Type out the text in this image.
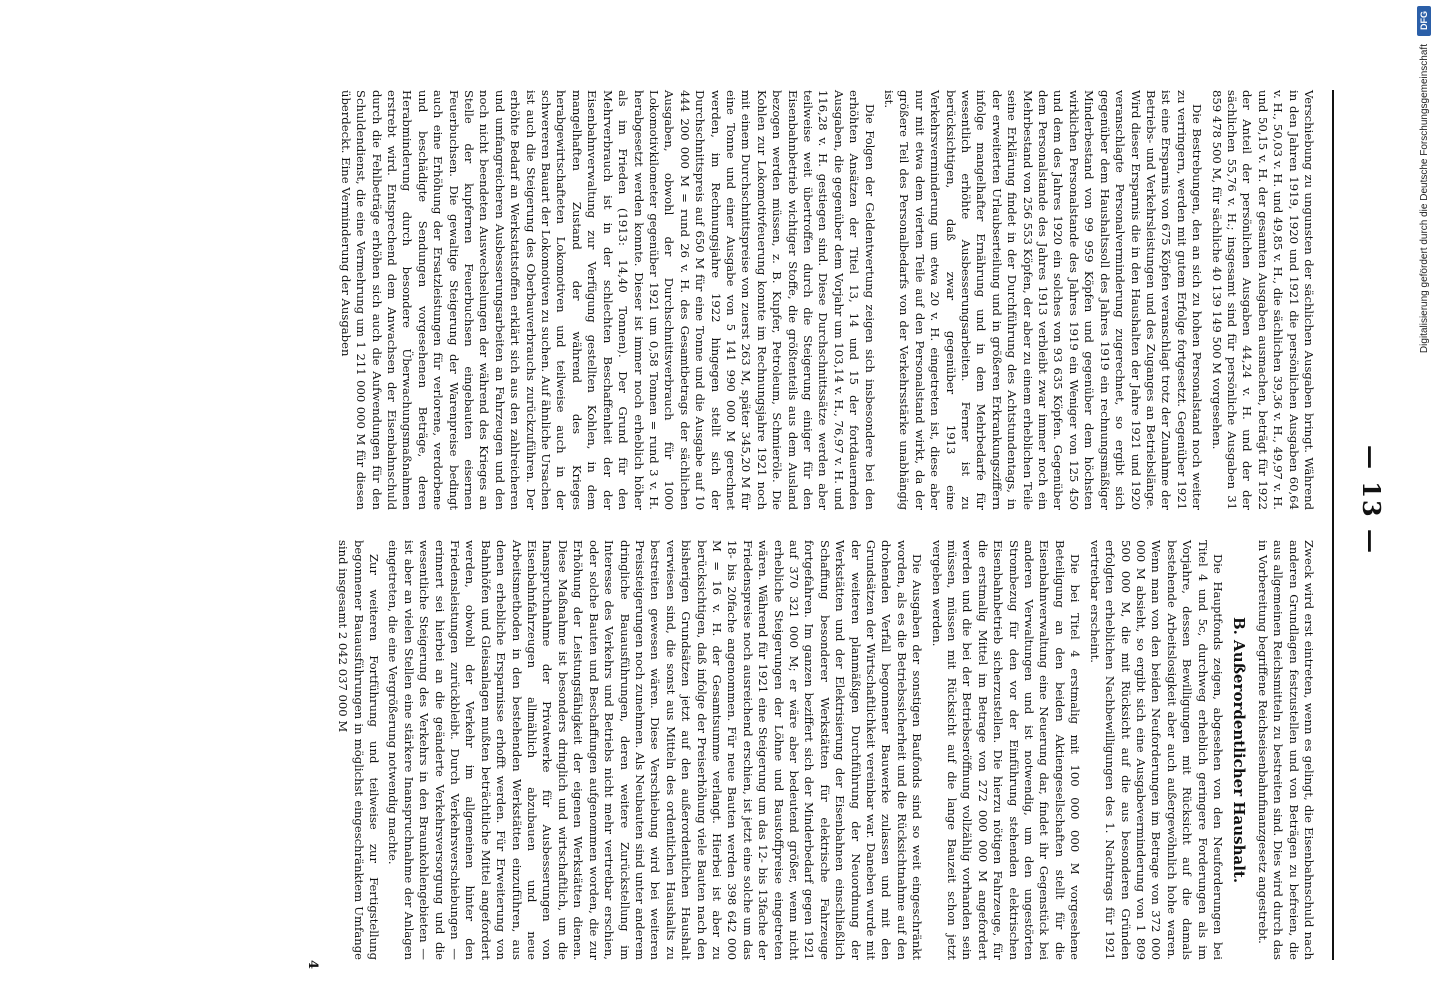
— 13 —

Verschiebung zu ungunsten der sächlichen Ausgaben bringt. Während in den Jahren 1919, 1920 und 1921 die persönlichen Ausgaben 60,64 v. H., 50,03 v. H. und 49,85 v. H., die sächlichen 39,36 v. H., 49,97 v. H. und 50,15 v. H. der gesamten Ausgaben ausmachen, beträgt für 1922 der Anteil der persönlichen Ausgaben 44,24 v. H. und der der sächlichen 55,76 v. H.; insgesamt sind für persönliche Ausgaben 31 859 478 500 M, für sächliche 40 139 149 500 M vorgesehen.

Die Bestrebungen, den an sich zu hohen Personalstand noch weiter zu verringern, werden mit gutem Erfolge fortgesetzt. Gegenüber 1921 ist eine Ersparnis von 675 Köpfen veranschlagt trotz der Zunahme der Betriebs- und Verkehrsleistungen und des Zuganges an Betriebslänge. Wird dieser Ersparnis die in den Haushalten der Jahre 1921 und 1920 veranschlagte Personalverminderung zugerechnet, so ergibt sich gegenüber dem Haushaltssoll des Jahres 1919 ein rechnungsmäßiger Minderbestand von 99 959 Köpfen und gegenüber dem höchsten wirklichen Personalstande des Jahres 1919 ein Weniger von 125 450 und dem des Jahres 1920 ein solches von 93 635 Köpfen. Gegenüber dem Personalstande des Jahres 1913 verbleibt zwar immer noch ein Mehrbestand von 256 553 Köpfen, der aber zu einem erheblichen Teile seine Erklärung findet in der Durchführung des Achtstundentags, in der erweiterten Urlaubserteilung und in größeren Erkrankungsziffern infolge mangelhafter Ernährung und in dem Mehrbedarfe für wesentlich erhöhte Ausbesserungsarbeiten. Ferner ist zu berücksichtigen, daß zwar gegenüber 1913 eine Verkehrsverminderung um etwa 20 v. H. eingetreten ist, diese aber nur mit etwa dem vierten Teile auf den Personalstand wirkt, da der größere Teil des Personalbedarfs von der Verkehrsstärke unabhängig ist.

Die Folgen der Geldentwertung zeigen sich insbesondere bei den erhöhten Ansätzen der Titel 13, 14 und 15 der fortdauernden Ausgaben, die gegenüber dem Vorjahr um 103,14 v. H., 76,97 v. H. und 116,28 v. H. gestiegen sind. Diese Durchschnittssätze werden aber teilweise weit übertroffen durch die Steigerung einiger für den Eisenbahnbetrieb wichtiger Stoffe, die größtenteils aus dem Ausland bezogen werden müssen, z. B. Kupfer, Petroleum, Schmieröle. Die Kohlen zur Lokomotivfeuerung konnte im Rechnungsjahre 1921 noch mit einem Durchschnittspreise von zuerst 263 M, später 345,20 M für eine Tonne und einer Ausgabe von 5 141 990 000 M gerechnet werden, im Rechnungsjahre 1922 hingegen stellt sich der Durchschnittspreis auf 650 M für eine Tonne und die Ausgabe auf 10 444 200 000 M = rund 26 v. H. des Gesamtbetrags der sächlichen Ausgaben, obwohl der Durchschnittsverbrauch für 1000 Lokomotivkilometer gegenüber 1921 um 0,58 Tonnen = rund 3 v. H. herabgesetzt werden konnte. Dieser ist immer noch erheblich höher als im Frieden (1913: 14,40 Tonnen). Der Grund für den Mehrverbrauch ist in der schlechten Beschaffenheit der der Eisenbahnverwaltung zur Verfügung gestellten Kohlen, in dem mangelhaften Zustand der während des Krieges herabgewirtschafteten Lokomotiven und teilweise auch in der schwereren Bauart der Lokomotiven zu suchen. Auf ähnliche Ursachen ist auch die Steigerung des Oberbauverbrauchs zurückzuführen. Der erhöhte Bedarf an Werkstattstoffen erklärt sich aus den zahlreicheren und umfangreicheren Ausbesserungsarbeiten an Fahrzeugen und den noch nicht beendeten Auswechselungen der während des Krieges an Stelle der kupfernen Feuerbuchsen eingebauten eisernen Feuerbuchsen. Die gewaltige Steigerung der Warenpreise bedingt auch eine Erhöhung der Ersatzleistungen für verlorene, verdorbene und beschädigte Sendungen vorgesehenen Beträge, deren Herabminderung durch besondere Überwachungsmaßnahmen erstrebt wird. Entsprechend dem Anwachsen der Eisenbahnschuld durch die Fehlbeträge erhöhen sich auch die Aufwendungen für den Schuldendienst, die eine Vermehrung um 1 211 000 000 M für diesen überdeckt. Eine Verminderung der Ausgaben

Zweck wird erst eintreten, wenn es gelingt, die Eisenbahnschuld nach anderen Grundlagen festzustellen und von Beträgen zu befreien, die aus allgemeinen Reichsmitteln zu bestreiten sind. Dies wird durch das in Vorbereitung begriffene Reichseisenbahnfinanzgesetz angestrebt.

B. Außerordentlicher Haushalt.

Die Hauptfonds zeigen, abgesehen von den Neuforderungen bei Titel 4 und 5c, durchweg erheblich geringere Forderungen als im Vorjahre, dessen Bewilligungen mit Rücksicht auf die damals bestehende Arbeitslosigkeit aber auch außergewöhnlich hohe waren. Wenn man von den beiden Neuforderungen im Betrage von 372 000 000 M absieht, so ergibt sich eine Ausgabeverminderung von 1 809 500 000 M, die mit Rücksicht auf die aus besonderen Gründen erfolgten erheblichen Nachbewilligungen des 1. Nachtrags für 1921 vertretbar erscheint.

Die bei Titel 4 erstmalig mit 100 000 000 M vorgesehene Beteiligung an den beiden Aktiengesellschaften stellt für die Eisenbahnverwaltung eine Neuerung dar, findet ihr Gegenstück bei anderen Verwaltungen und ist notwendig, um den ungestörten Strombezug für den vor der Einführung stehenden elektrischen Eisenbahnbetrieb sicherzustellen. Die hierzu nötigen Fahrzeuge, für die erstmalig Mittel im Betrage von 272 000 000 M angefordert werden und die bei der Betriebseröffnung vollzählig vorhanden sein müssen, müssen mit Rücksicht auf die lange Bauzeit schon jetzt vergeben werden.

Die Ausgaben der sonstigen Baufonds sind so weit eingeschränkt worden, als es die Betriebssicherheit und die Rücksichtnahme auf den drohenden Verfall begonnener Bauwerke zulassen und mit den Grundsätzen der Wirtschaftlichkeit vereinbar war. Daneben wurde mit der weiteren planmäßigen Durchführung der Neuordnung der Werkstätten und der Elektrisierung der Eisenbahnen einschließlich Schaffung besonderer Werkstätten für elektrische Fahrzeuge fortgefahren. Im ganzen beziffert sich der Minderbedarf gegen 1921 auf 370 321 000 M; er wäre aber bedeutend größer, wenn nicht erhebliche Steigerungen der Löhne und Baustoffpreise eingetreten wären. Während für 1921 eine Steigerung um das 12- bis 13fache der Friedenspreise noch ausreichend erschien, ist jetzt eine solche um das 18- bis 20fache angenommen. Für neue Bauten werden 398 642 000 M = 16 v. H. der Gesamtsumme verlangt. Hierbei ist aber zu berücksichtigen, daß infolge der Preiserhöhung viele Bauten nach den bisherigen Grundsätzen jetzt auf den außerordentlichen Haushalt verwiesen sind, die sonst aus Mitteln des ordentlichen Haushalts zu bestreiten gewesen wären. Diese Verschiebung wird bei weiteren Preissteigerungen noch zunehmen. Als Neubauten sind unter anderem dringliche Bauausführungen, deren weitere Zurückstellung im Interesse des Verkehrs und Betriebs nicht mehr vertretbar erschien, oder solche Bauten und Beschaffungen aufgenommen worden, die zur Erhöhung der Leistungsfähigkeit der eigenen Werkstätten dienen. Diese Maßnahme ist besonders dringlich und wirtschaftlich, um die Inanspruchnahme der Privatwerke für Ausbesserungen von Eisenbahnfahrzeugen allmählich abzubauen und neue Arbeitsmethoden in den bestehenden Werkstätten einzuführen, aus denen erhebliche Ersparnisse erhofft werden. Für Erweiterung von Bahnhöfen und Gleisanlagen mußten beträchtliche Mittel angefordert werden, obwohl der Verkehr im allgemeinen hinter den Friedensleistungen zurückbleibt. Durch Verkehrsverschiebungen — erinnert sei hierbei an die geänderte Verkehrsversorgung und die wesentliche Steigerung des Verkehrs in den Braunkohlengebieten — ist aber an vielen Stellen eine stärkere Inanspruchnahme der Anlagen eingetreten, die eine Vergrößerung notwendig machte.

Zur weiteren Fortführung und teilweise zur Fertigstellung begonnener Bauausführungen in möglichst eingeschränktem Umfange sind insgesamt 2 042 037 000 M

4
DFG
Digitalisierung gefördert durch die Deutsche Forschungsgemeinschaft
